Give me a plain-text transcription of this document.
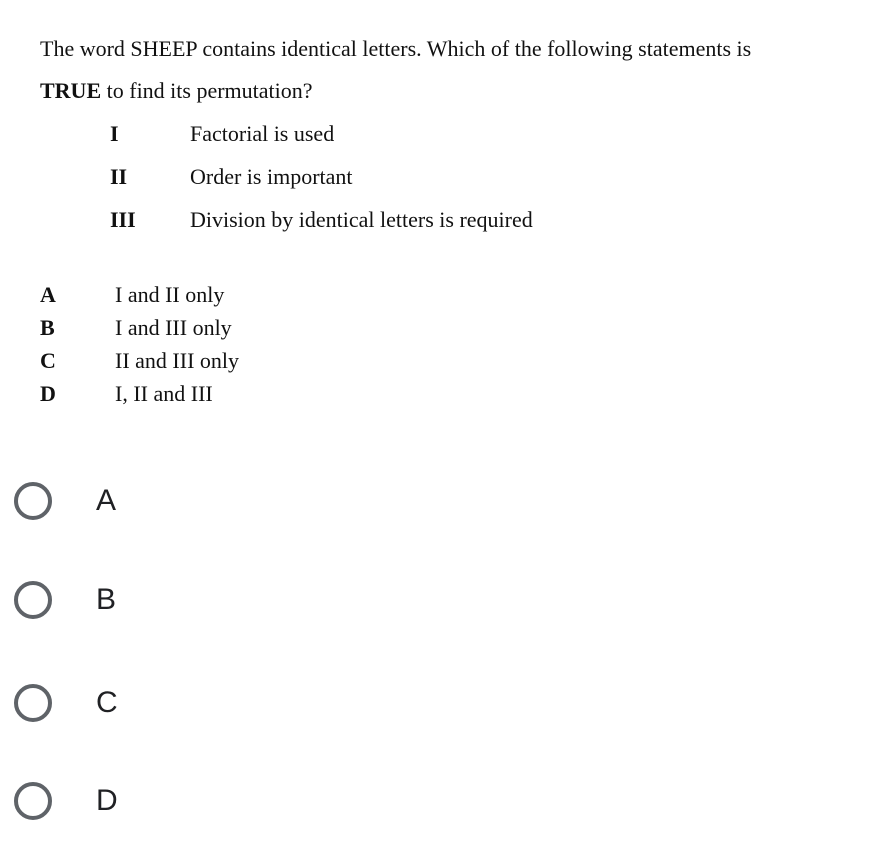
The word SHEEP contains identical letters. Which of the following statements is
TRUE to find its permutation?
I	Factorial is used
II	Order is important
III	Division by identical letters is required
A	I and II only
B	I and III only
C	II and III only
D	I, II and III
A
B
C
D
